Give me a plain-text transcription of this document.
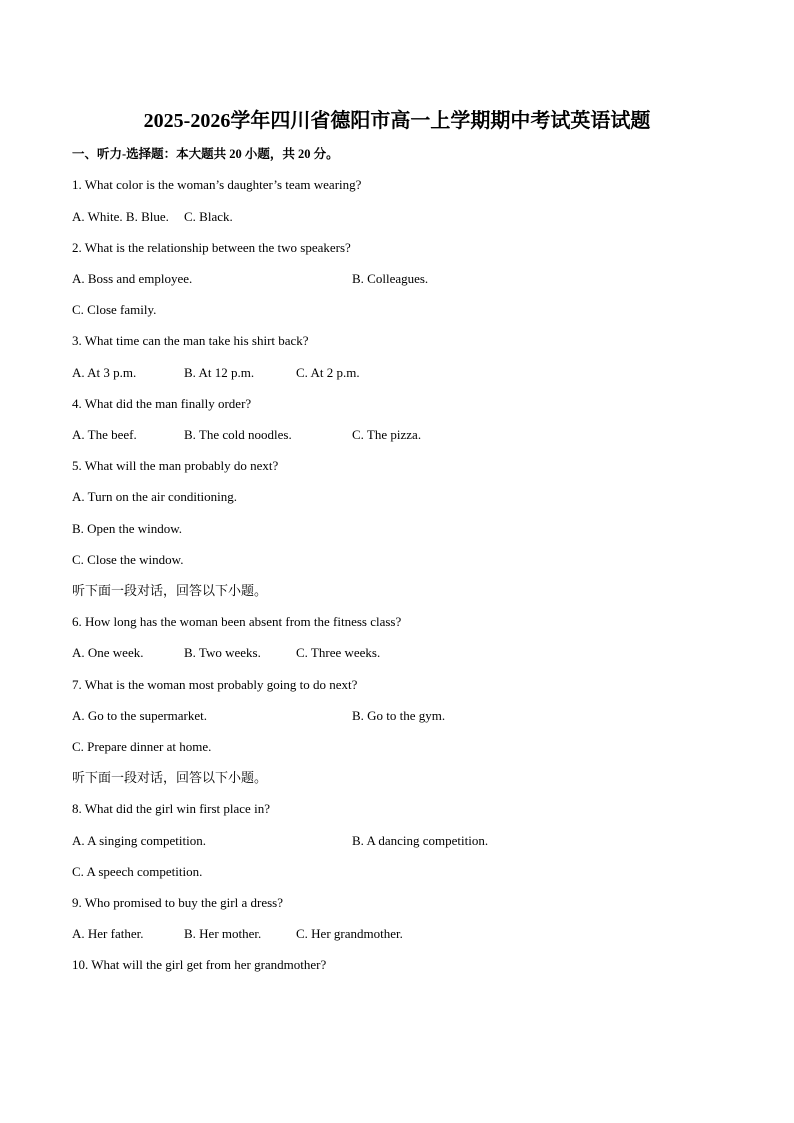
2025-2026学年四川省德阳市高一上学期期中考试英语试题
一、听力-选择题：本大题共 20 小题，共 20 分。
1. What color is the woman’s daughter’s team wearing?
A. White. B. Blue. C. Black.
2. What is the relationship between the two speakers?
A. Boss and employee.	B. Colleagues.
C. Close family.
3. What time can the man take his shirt back?
A. At 3 p.m.	B. At 12 p.m.	C. At 2 p.m.
4. What did the man finally order?
A. The beef.	B. The cold noodles.	C. The pizza.
5. What will the man probably do next?
A. Turn on the air conditioning.
B. Open the window.
C. Close the window.
听下面一段对话，回答以下小题。
6. How long has the woman been absent from the fitness class?
A. One week.	B. Two weeks.	C. Three weeks.
7. What is the woman most probably going to do next?
A. Go to the supermarket.	B. Go to the gym.
C. Prepare dinner at home.
听下面一段对话，回答以下小题。
8. What did the girl win first place in?
A. A singing competition.	B. A dancing competition.
C. A speech competition.
9. Who promised to buy the girl a dress?
A. Her father.	B. Her mother.	C. Her grandmother.
10. What will the girl get from her grandmother?
